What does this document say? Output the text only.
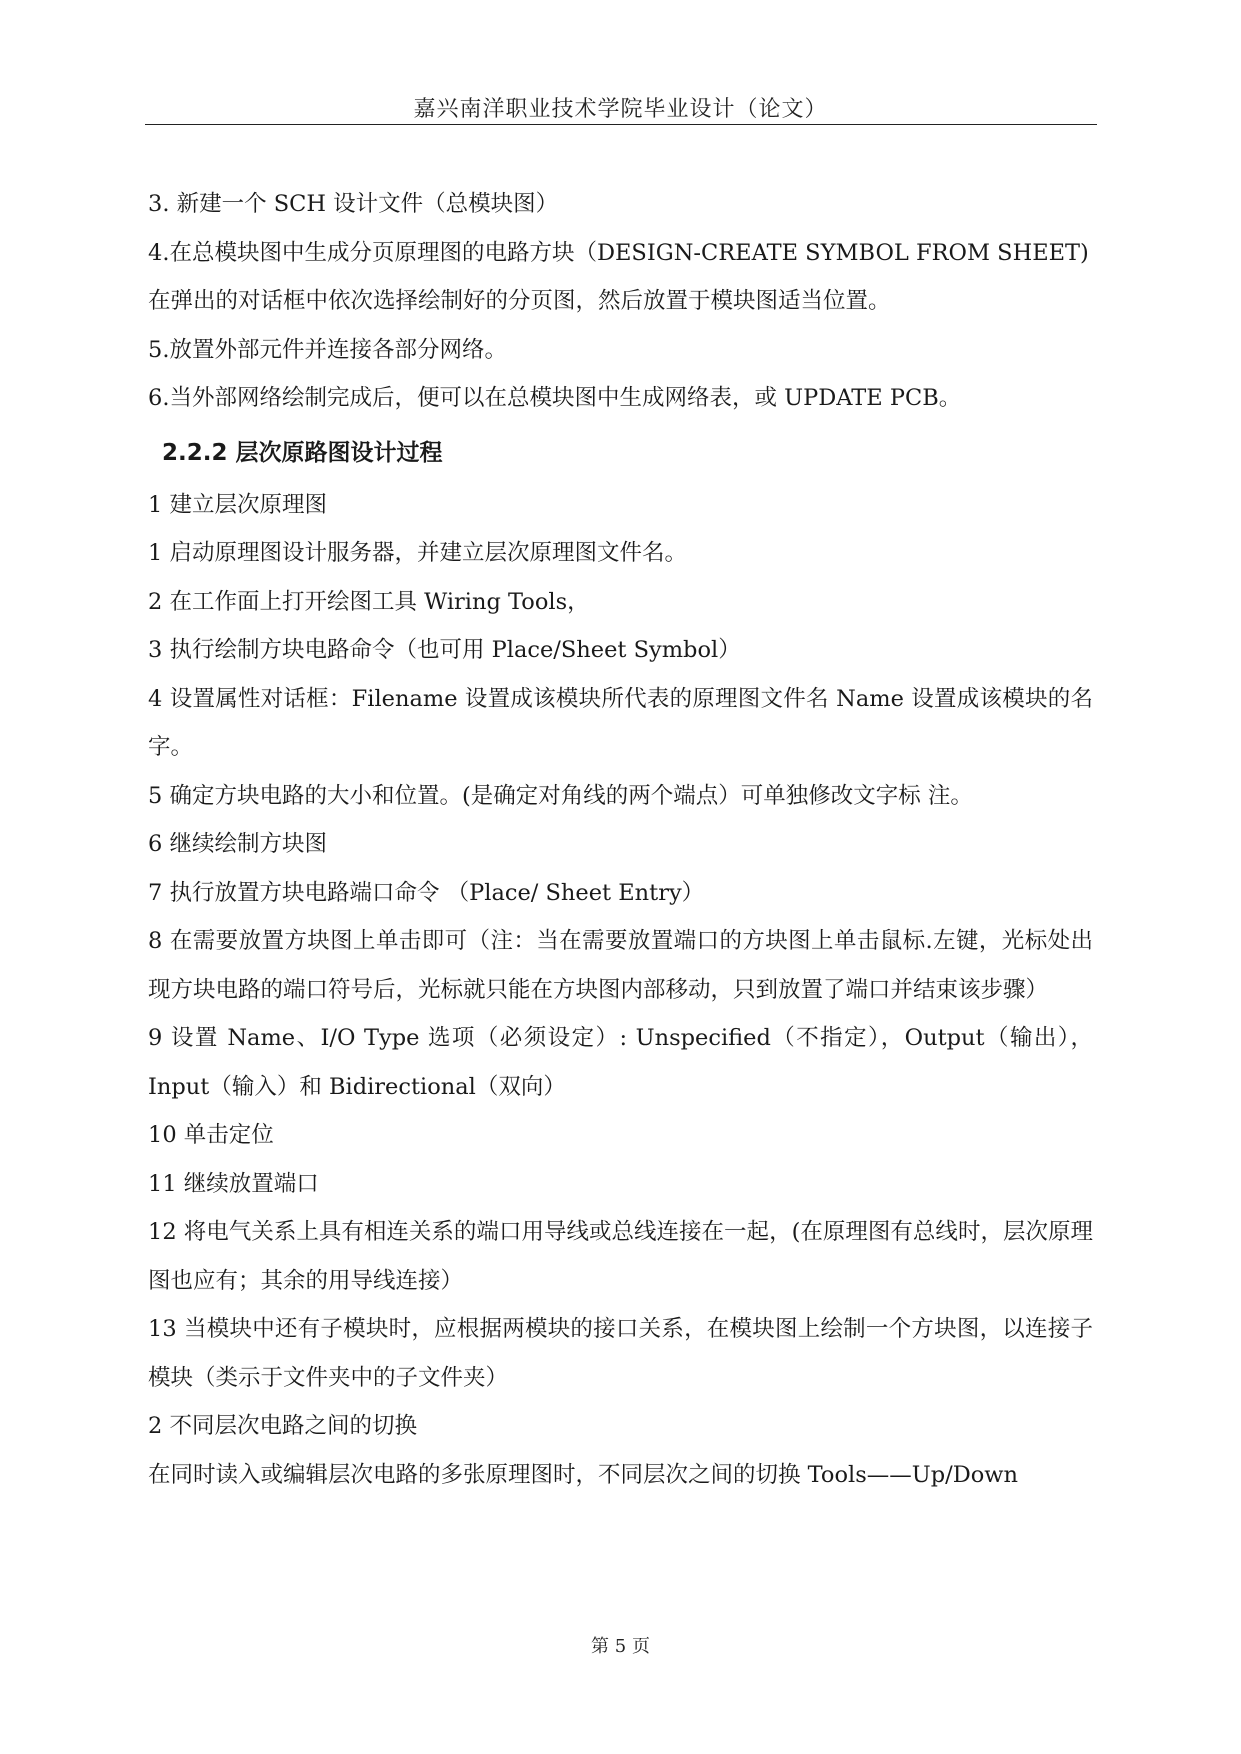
嘉兴南洋职业技术学院毕业设计（论文）

3. 新建一个 SCH 设计文件（总模块图）

4.在总模块图中生成分页原理图的电路方块（DESIGN-CREATE SYMBOL FROM SHEET)

在弹出的对话框中依次选择绘制好的分页图，然后放置于模块图适当位置。

5.放置外部元件并连接各部分网络。

6.当外部网络绘制完成后，便可以在总模块图中生成网络表，或 UPDATE PCB。

2.2.2 层次原路图设计过程

1 建立层次原理图

1 启动原理图设计服务器，并建立层次原理图文件名。

2 在工作面上打开绘图工具 Wiring Tools，

3 执行绘制方块电路命令（也可用 Place/Sheet Symbol）

4 设置属性对话框：Filename 设置成该模块所代表的原理图文件名 Name 设置成该模块的名 字。

5 确定方块电路的大小和位置。(是确定对角线的两个端点）可单独修改文字标 注。

6 继续绘制方块图

7 执行放置方块电路端口命令 （Place/ Sheet Entry）

8 在需要放置方块图上单击即可（注：当在需要放置端口的方块图上单击鼠标.左键，光标处出现方块电路的端口符号后，光标就只能在方块图内部移动，只到放置了端口并结束该步骤）

9 设置 Name、I/O Type 选项（必须设定）: Unspecified（不指定），Output（输出），Input（输入）和 Bidirectional（双向）

10 单击定位

11 继续放置端口

12 将电气关系上具有相连关系的端口用导线或总线连接在一起，(在原理图有总线时，层次原理图也应有；其余的用导线连接）

13 当模块中还有子模块时，应根据两模块的接口关系，在模块图上绘制一个方块图，以连接子模块（类示于文件夹中的子文件夹）

2 不同层次电路之间的切换

在同时读入或编辑层次电路的多张原理图时，不同层次之间的切换 Tools——Up/Down

第 5 页
